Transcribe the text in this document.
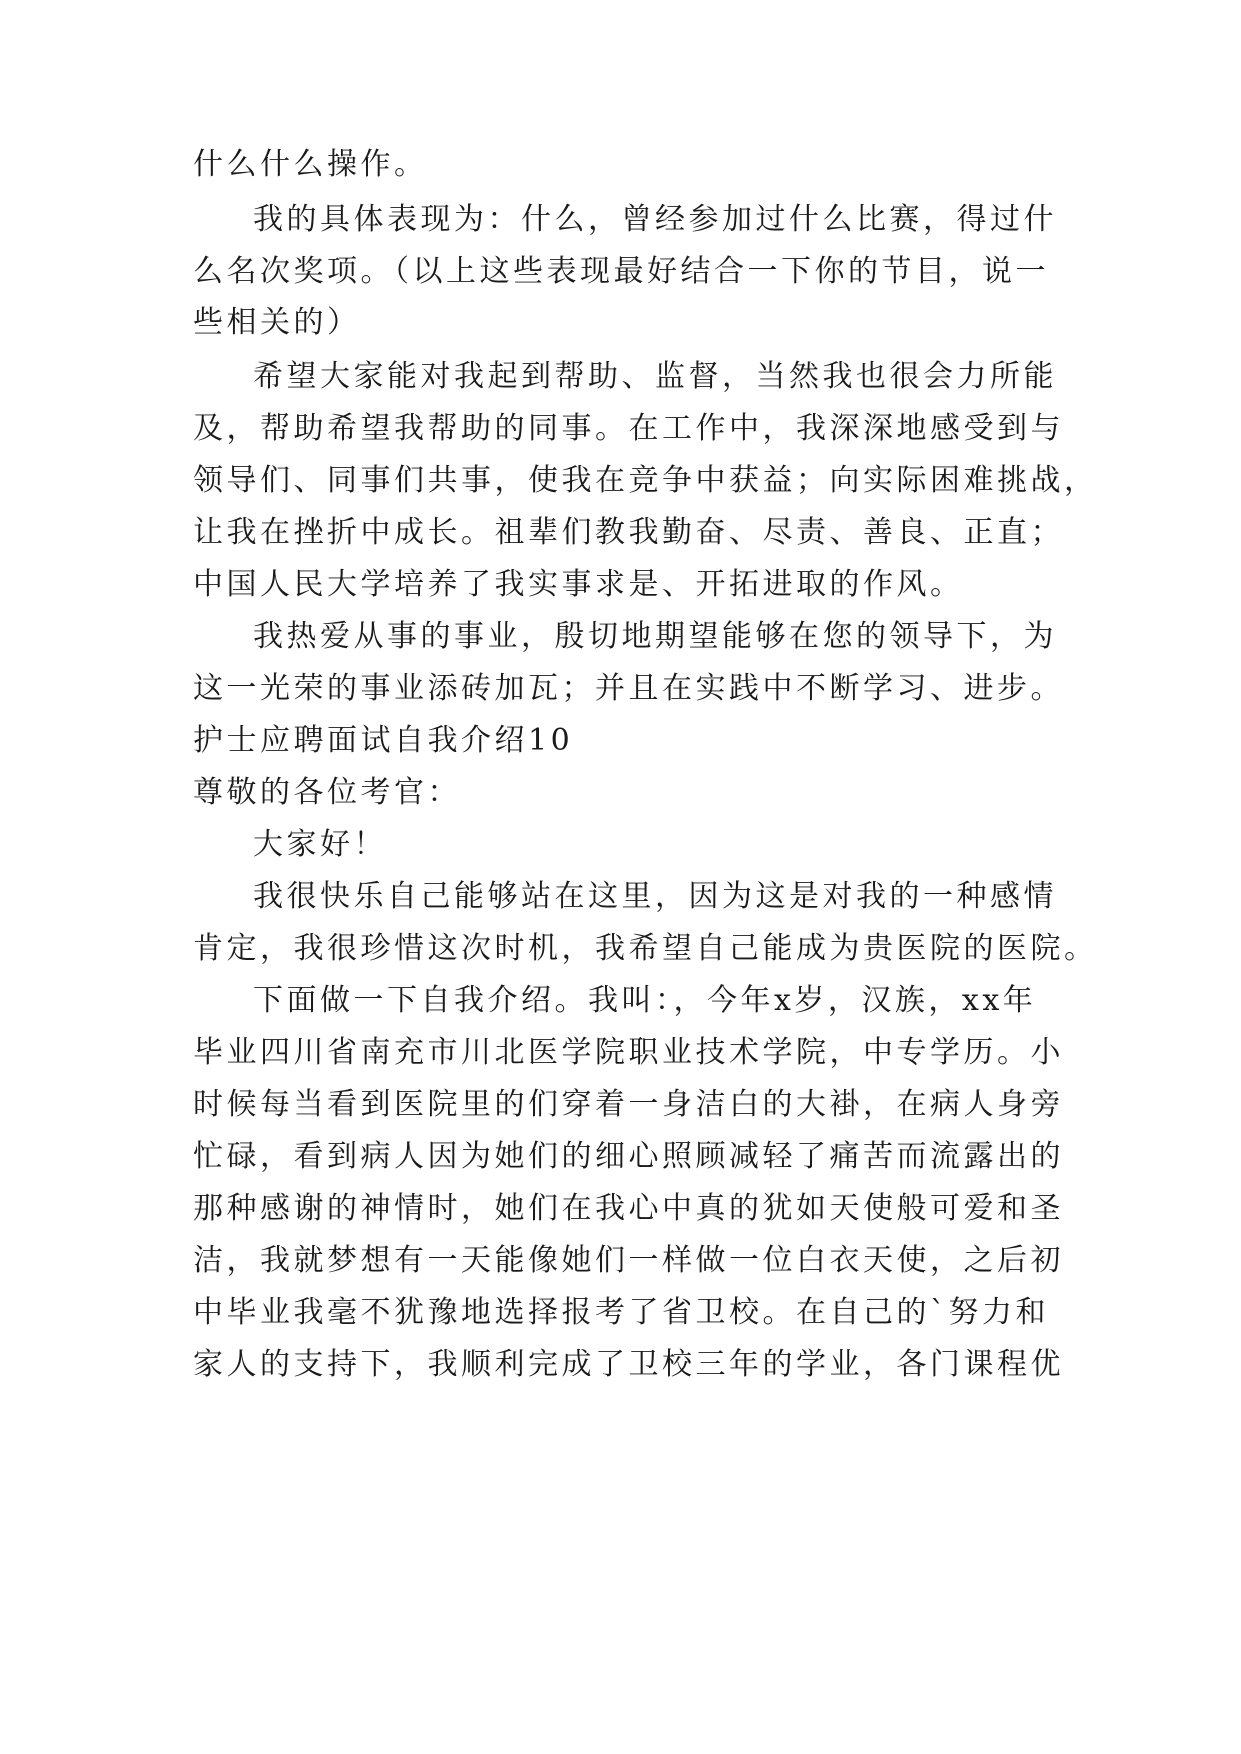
什么什么操作。
我的具体表现为：什么，曾经参加过什么比赛，得过什
么名次奖项。（以上这些表现最好结合一下你的节目，说一
些相关的）
希望大家能对我起到帮助、监督，当然我也很会力所能
及，帮助希望我帮助的同事。在工作中，我深深地感受到与
领导们、同事们共事，使我在竞争中获益；向实际困难挑战，
让我在挫折中成长。祖辈们教我勤奋、尽责、善良、正直；
中国人民大学培养了我实事求是、开拓进取的作风。
我热爱从事的事业，殷切地期望能够在您的领导下，为
这一光荣的事业添砖加瓦；并且在实践中不断学习、进步。
护士应聘面试自我介绍10
尊敬的各位考官：
大家好！
我很快乐自己能够站在这里，因为这是对我的一种感情
肯定，我很珍惜这次时机，我希望自己能成为贵医院的医院。
下面做一下自我介绍。我叫：，今年x岁，汉族，xx年
毕业四川省南充市川北医学院职业技术学院，中专学历。小
时候每当看到医院里的们穿着一身洁白的大褂，在病人身旁
忙碌，看到病人因为她们的细心照顾减轻了痛苦而流露出的
那种感谢的神情时，她们在我心中真的犹如天使般可爱和圣
洁，我就梦想有一天能像她们一样做一位白衣天使，之后初
中毕业我毫不犹豫地选择报考了省卫校。在自己的`努力和
家人的支持下，我顺利完成了卫校三年的学业，各门课程优
